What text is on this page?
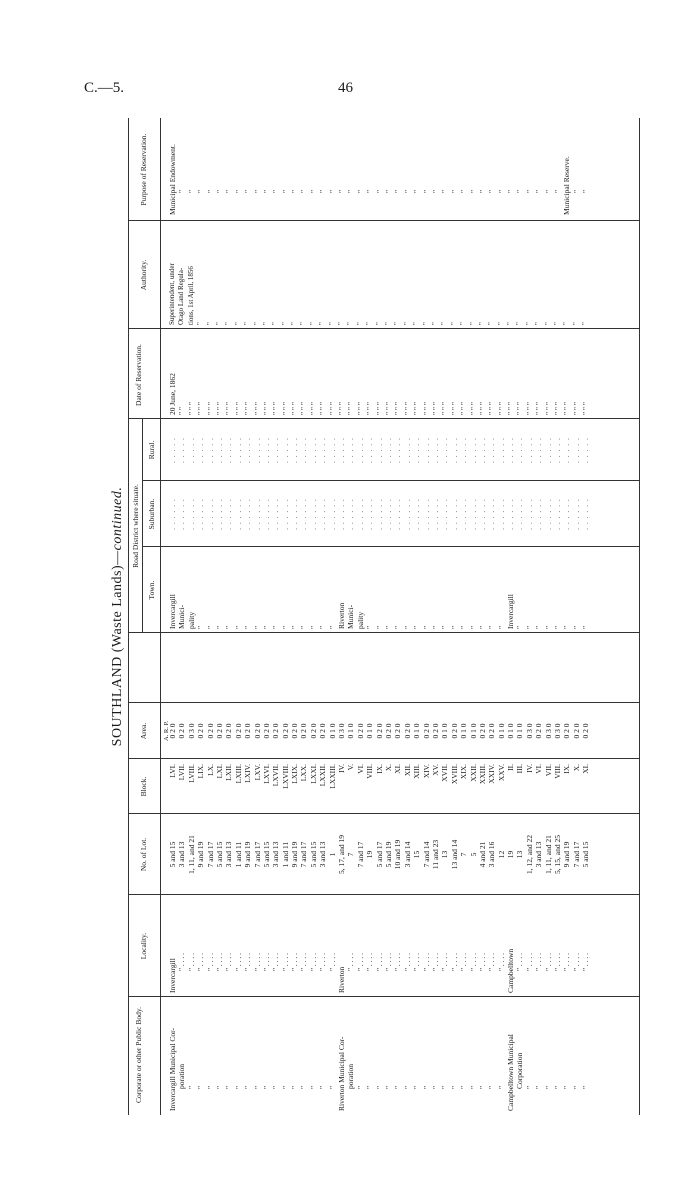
C.—5.	46
SOUTHLAND (Waste Lands)—continued.
Corporate or other Public Body.
Locality.
No. of Lot.
Block.
Area. A. R. P.
Road District where situate.
Town.
Suburban.
Rural.
Date of Reservation.
Authority.
Invercargill Municipal Cor- poration " " " " " " " " " " " " " " " " Riverton Municipal Cor- poration " " " " " " " " " " " " " " " " Campbelltown Municipal Corporation " " " " " " "
Invercargill " . . . . " . . . . " . . . . " . . . . " . . . . " . . . . " . . . . " . . . . " . . . . " . . . . " . . . . " . . . . " . . . . " . . . . " . . . . " . . . . " . . . .
Riverton
" . . . . " . . . . " . . . . " . . . . " . . . . " . . . . " . . . . " . . . . " . . . . " . . . . " . . . . " . . . . " . . . . " . . . . " . . . . " . . . . " . . . . Campbelltown " . . . . " . . . . " . . . . " . . . . " . . . . " . . . . " . . . . " . . . .
5 and 15 3 and 13 1, 11, and 21 9 and 19 7 and 17 5 and 15 3 and 13 1 and 11 9 and 19 7 and 17 5 and 15 3 and 13 1 and 11 9 and 19 7 and 17 5 and 15 3 and 13 1 5, 17, and 19 7 7 and 17 19 5 and 17 5 and 19 10 and 19 3 and 14 15 7 and 14 11 and 23 13 13 and 14 7 5 4 and 21 3 and 16 12 19 13 1, 12, and 22 3 and 13 1, 11, and 21 5, 15, and 25 9 and 19 7 and 17 5 and 15
LVI. LVII. LVIII. LIX. LX. LXI. LXII. LXIII. LXIV. LXV. LXVI. LXVII. LXVIII. LXIX. LXX. LXXI. LXXII. LXXIII. IV. V. VI. VIII. IX. X. XI. XII. XIII. XIV. XV. XVII. XVIII. XIX. XXII. XXIII. XXIV. XXV. II. III. IV. VI. VII. VIII. IX. X. XI.
0 2 0 0 2 0 0 3 0 0 2 0 0 2 0 0 2 0 0 2 0 0 2 0 0 2 0 0 2 0 0 2 0 0 2 0 0 2 0 0 2 0 0 2 0 0 2 0 0 2 0 0 1 0 0 3 0 0 1 0 0 2 0 0 1 0 0 2 0 0 2 0 0 2 0 0 2 0 0 1 0 0 2 0 0 2 0 0 1 0 0 2 0 0 1 0 0 1 0 0 2 0 0 2 0 0 1 0 0 1 0 0 1 0 0 3 0 0 2 0 0 3 0 0 3 0 0 2 0 0 2 0 0 2 0
Invercargill Munici- pality " " " " " " " " " " " " " " " Riverton Munici- pality " " " " " " " " " " " " " " " Invercargill " " " " " " " "
. . . . . . . . . . . . . . . . . . . . . . . . . . . . . . . . . . . . . . . . . . . . . . . . . . . . . . . . . . . . . . . . . . . . . . . . . . . . . . . . . . . . . . . . . . . . . . . . . . . . . . . . . . . . . . . . . . . . . . . . . . . . . . . . . . . . . . . . . . . . . . . . . . . . . . . . . . . . . . . . . . . . . . . . . . . . . . . . . . . . . . . . . . . . . . . . . . . . . . . . . . . . . . . . . . . . . . . . . . . . . . . . . . . . . . . . . . . . . . . . . . . . . . . . . . . . . . . . . . . . . . . . . . . . . .
. . . . . . . . . . . . . . . . . . . . . . . . . . . . . . . . . . . . . . . . . . . . . . . . . . . . . . . . . . . . . . . . . . . . . . . . . . . . . . . . . . . . . . . . . . . . . . . . . . . . . . . . . . . . . . . . . . . . . . . . . . . . . . . . . . . . . . . . . . . . . . . . . . . . . . . . . . . . . . . . . . . . . . . . . . . . . . . . . . . . . . . . . . . . . . . . . . . . . . . . . . . . . . . . . . . . . . . . . . . . . . . . .
20 June, 1862 " " " " " " " " " " " " " " " " " " " " " " " " " " " " " " " " " " " " " " " " " " " " " " " " " " " " " " " " " " " " " " " " " " " " " " " " " " " " " " " " " " " " " " " " " " " " " " " " " " " " " " " " " " " " " " " " " " " " " " " " " " " " " " " " " " "
Superintendent, under Otago Land Regula- tions, 1st April, 1856 " " " " " " " " " " " " " " " " " " " " " " " " " " " " " " " " " " " " " " " " " "
Municipal Endowment. " " " " " " " " " " " " " " " " " " " " " " " " " " " " " " " " " " " " " " " " " Municipal Reserve. " "
Purpose of Reservation.
